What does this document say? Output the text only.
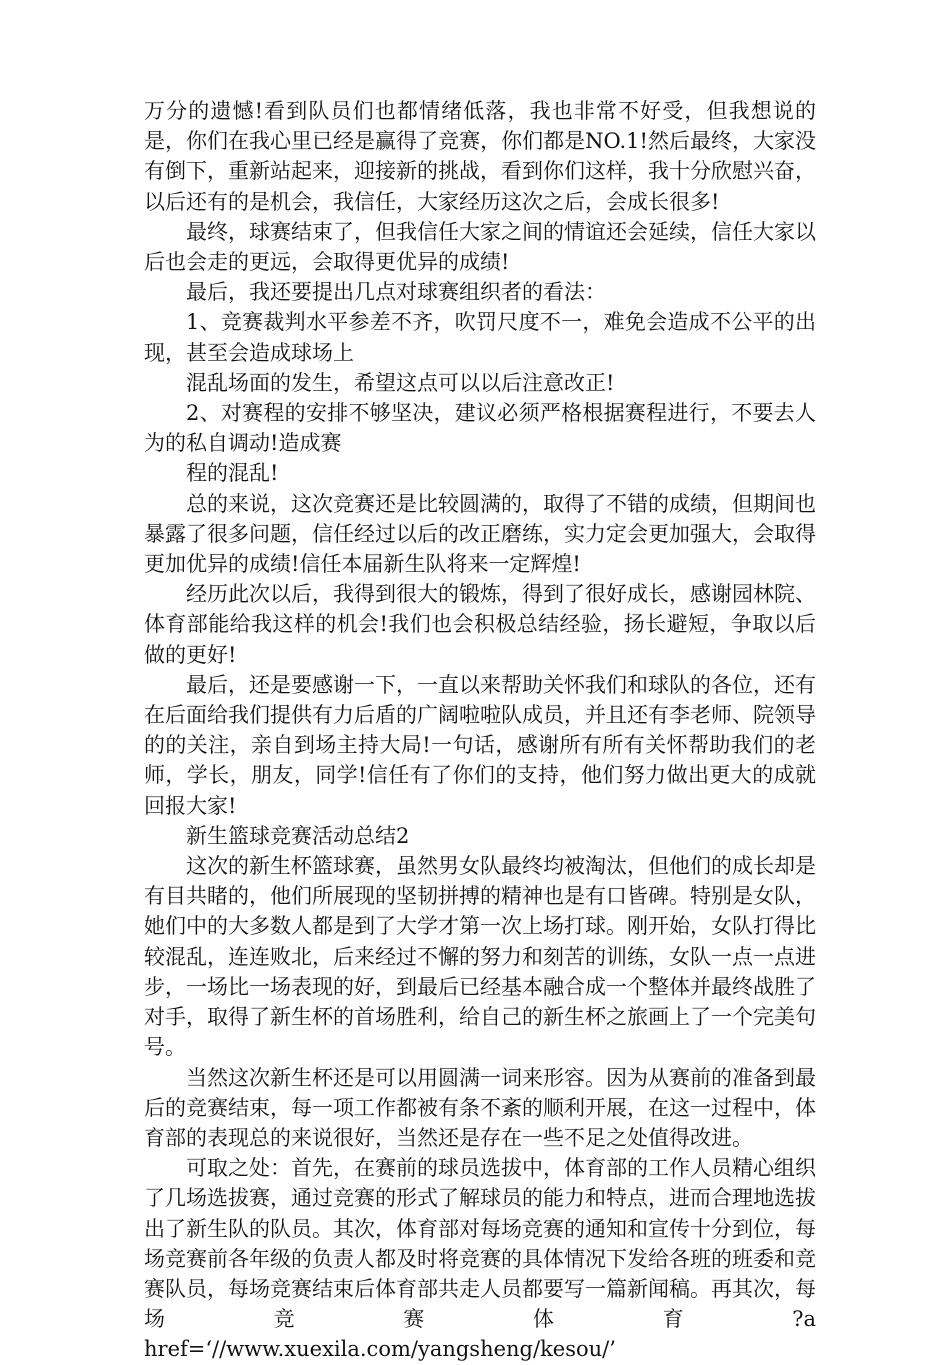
万分的遗憾!看到队员们也都情绪低落，我也非常不好受，但我想说的是，你们在我心里已经是赢得了竞赛，你们都是NO.1!然后最终，大家没有倒下，重新站起来，迎接新的挑战，看到你们这样，我十分欣慰兴奋，以后还有的是机会，我信任，大家经历这次之后，会成长很多!

最终，球赛结束了，但我信任大家之间的情谊还会延续，信任大家以后也会走的更远，会取得更优异的成绩!

最后，我还要提出几点对球赛组织者的看法：

1、竞赛裁判水平参差不齐，吹罚尺度不一，难免会造成不公平的出现，甚至会造成球场上

混乱场面的发生，希望这点可以以后注意改正!

2、对赛程的安排不够坚决，建议必须严格根据赛程进行，不要去人为的私自调动!造成赛

程的混乱!

总的来说，这次竞赛还是比较圆满的，取得了不错的成绩，但期间也暴露了很多问题，信任经过以后的改正磨练，实力定会更加强大，会取得更加优异的成绩!信任本届新生队将来一定辉煌!

经历此次以后，我得到很大的锻炼，得到了很好成长，感谢园林院、体育部能给我这样的机会!我们也会积极总结经验，扬长避短，争取以后做的更好!

最后，还是要感谢一下，一直以来帮助关怀我们和球队的各位，还有在后面给我们提供有力后盾的广阔啦啦队成员，并且还有李老师、院领导的的关注，亲自到场主持大局!一句话，感谢所有所有关怀帮助我们的老师，学长，朋友，同学!信任有了你们的支持，他们努力做出更大的成就回报大家!

新生篮球竞赛活动总结2

这次的新生杯篮球赛，虽然男女队最终均被淘汰，但他们的成长却是有目共睹的，他们所展现的坚韧拼搏的精神也是有口皆碑。特别是女队，她们中的大多数人都是到了大学才第一次上场打球。刚开始，女队打得比较混乱，连连败北，后来经过不懈的努力和刻苦的训练，女队一点一点进步，一场比一场表现的好，到最后已经基本融合成一个整体并最终战胜了对手，取得了新生杯的首场胜利，给自己的新生杯之旅画上了一个完美句号。

当然这次新生杯还是可以用圆满一词来形容。因为从赛前的准备到最后的竞赛结束，每一项工作都被有条不紊的顺利开展，在这一过程中，体育部的表现总的来说很好，当然还是存在一些不足之处值得改进。

可取之处：首先，在赛前的球员选拔中，体育部的工作人员精心组织了几场选拔赛，通过竞赛的形式了解球员的能力和特点，进而合理地选拔出了新生队的队员。其次，体育部对每场竞赛的通知和宣传十分到位，每场竞赛前各年级的负责人都及时将竞赛的具体情况下发给各班的班委和竞赛队员，每场竞赛结束后体育部共走人员都要写一篇新闻稿。再其次，每场竞赛体育?a

href=‘//www.xuexila.com/yangsheng/kesou/’
